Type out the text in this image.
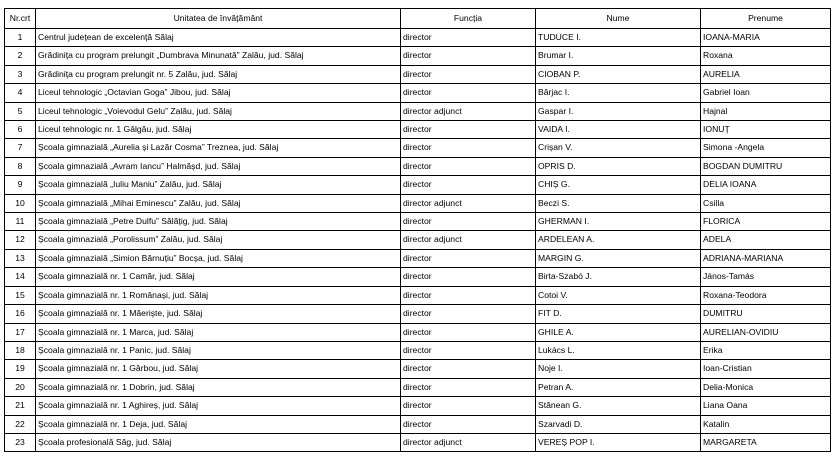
Nr.crt	Unitatea de învățământ	Funcția	Nume	Prenume
1	Centrul județean de excelență Sălaj	director	TUDUCE I.	IOANA-MARIA
2	Grădinița cu program prelungit „Dumbrava Minunată” Zalău, jud. Sălaj	director	Brumar I.	Roxana
3	Grădinița cu program prelungit nr. 5 Zalău, jud. Sălaj	director	CIOBAN P.	AURELIA
4	Liceul tehnologic „Octavian Goga” Jibou, jud. Sălaj	director	Bârjac I.	Gabriel Ioan
5	Liceul tehnologic „Voievodul Gelu” Zalău, jud. Sălaj	director adjunct	Gaspar I.	Hajnal
6	Liceul tehnologic nr. 1 Gâlgău, jud. Sălaj	director	VAIDA I.	IONUȚ
7	Școala gimnazială „Aurelia și Lazăr Cosma” Treznea, jud. Sălaj	director	Crișan V.	Simona -Angela
8	Școala gimnazială „Avram Iancu” Halmășd, jud. Sălaj	director	OPRIS D.	BOGDAN DUMITRU
9	Școala gimnazială „Iuliu Maniu” Zalău, jud. Sălaj	director	CHIȘ G.	DELIA IOANA
10	Școala gimnazială „Mihai Eminescu” Zalău, jud. Sălaj	director adjunct	Beczi S.	Csilla
11	Școala gimnazială „Petre Dulfu” Sălățig, jud. Sălaj	director	GHERMAN I.	FLORICA
12	Școala gimnazială „Porolissum” Zalău, jud. Sălaj	director adjunct	ARDELEAN A.	ADELA
13	Școala gimnazială „Simion Bărnuțiu” Bocșa, jud. Sălaj	director	MARGIN G.	ADRIANA-MARIANA
14	Școala gimnazială nr. 1 Camăr, jud. Sălaj	director	Birta-Szabó J.	János-Tamás
15	Școala gimnazială nr. 1 Românași, jud. Sălaj	director	Cotoi V.	Roxana-Teodora
16	Școala gimnazială nr. 1 Măeriște, jud. Sălaj	director	FIT D.	DUMITRU
17	Școala gimnazială nr. 1 Marca, jud. Sălaj	director	GHILE A.	AURELIAN-OVIDIU
18	Școala gimnazială nr. 1 Panic, jud. Sălaj	director	Lukács L.	Erika
19	Școala gimnazială nr. 1 Gârbou, jud. Sălaj	director	Noje I.	Ioan-Cristian
20	Școala gimnazială nr. 1 Dobrin, jud. Sălaj	director	Petran A.	Delia-Monica
21	Școala gimnazială nr. 1 Aghireș, jud. Sălaj	director	Stânean G.	Liana Oana
22	Școala gimnazială nr. 1 Deja, jud. Sălaj	director	Szarvadi D.	Katalin
23	Școala profesională Sâg, jud. Sălaj	director adjunct	VEREȘ POP I.	MARGARETA
